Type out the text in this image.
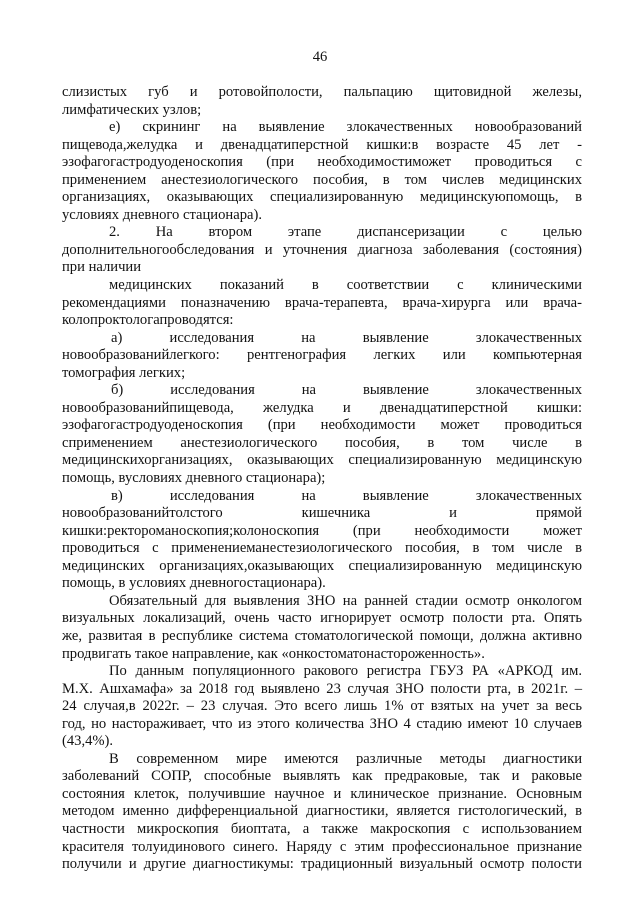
46
слизистых губ и ротовойполости, пальпацию щитовидной железы,
лимфатических узлов;
е) скрининг на выявление злокачественных новообразований
пищевода,желудка и двенадцатиперстной кишки:в возрасте 45 лет -
эзофагогастродуоденоскопия (при необходимостиможет проводиться с
применением анестезиологического пособия, в том числев медицинских
организациях, оказывающих специализированную медицинскуюпомощь, в
условиях дневного стационара).
2. На втором этапе диспансеризации с целью
дополнительногообследования и уточнения диагноза заболевания (состояния)
при наличии
медицинских показаний в соответствии с клиническими
рекомендациями поназначению врача-терапевта, врача-хирурга или врача-
колопроктологапроводятся:
а) исследования на выявление злокачественных
новообразованийлегкого: рентгенография легких или компьютерная
томография легких;
б) исследования на выявление злокачественных
новообразованийпищевода, желудка и двенадцатиперстной кишки:
эзофагогастродуоденоскопия (при необходимости может проводиться
сприменением анестезиологического пособия, в том числе в
медицинскихорганизациях, оказывающих специализированную медицинскую
помощь, вусловиях дневного стационара);
в) исследования на выявление злокачественных
новообразованийтолстого кишечника и прямой
кишки:ректороманоскопия;колоноскопия (при необходимости может
проводиться с применениеманестезиологического пособия, в том числе в
медицинских организациях,оказывающих специализированную медицинскую
помощь, в условиях дневногостационара).
Обязательный для выявления ЗНО на ранней стадии осмотр онкологом
визуальных локализаций, очень часто игнорирует осмотр полости рта. Опять
же, развитая в республике система стоматологической помощи, должна активно
продвигать такое направление, как «онкостоматонастороженность».
По данным популяционного ракового регистра ГБУЗ РА «АРКОД им.
М.Х. Ашхамафа» за 2018 год выявлено 23 случая ЗНО полости рта, в 2021г. –
24 случая,в 2022г. – 23 случая. Это всего лишь 1% от взятых на учет за весь
год, но настораживает, что из этого количества ЗНО 4 стадию имеют 10 случаев
(43,4%).
В современном мире имеются различные методы диагностики
заболеваний СОПР, способные выявлять как предраковые, так и раковые
состояния клеток, получившие научное и клиническое признание. Основным
методом именно дифференциальной диагностики, является гистологический, в
частности микроскопия биоптата, а также макроскопия с использованием
красителя толуидинового синего. Наряду с этим профессиональное признание
получили и другие диагностикумы: традиционный визуальный осмотр полости
